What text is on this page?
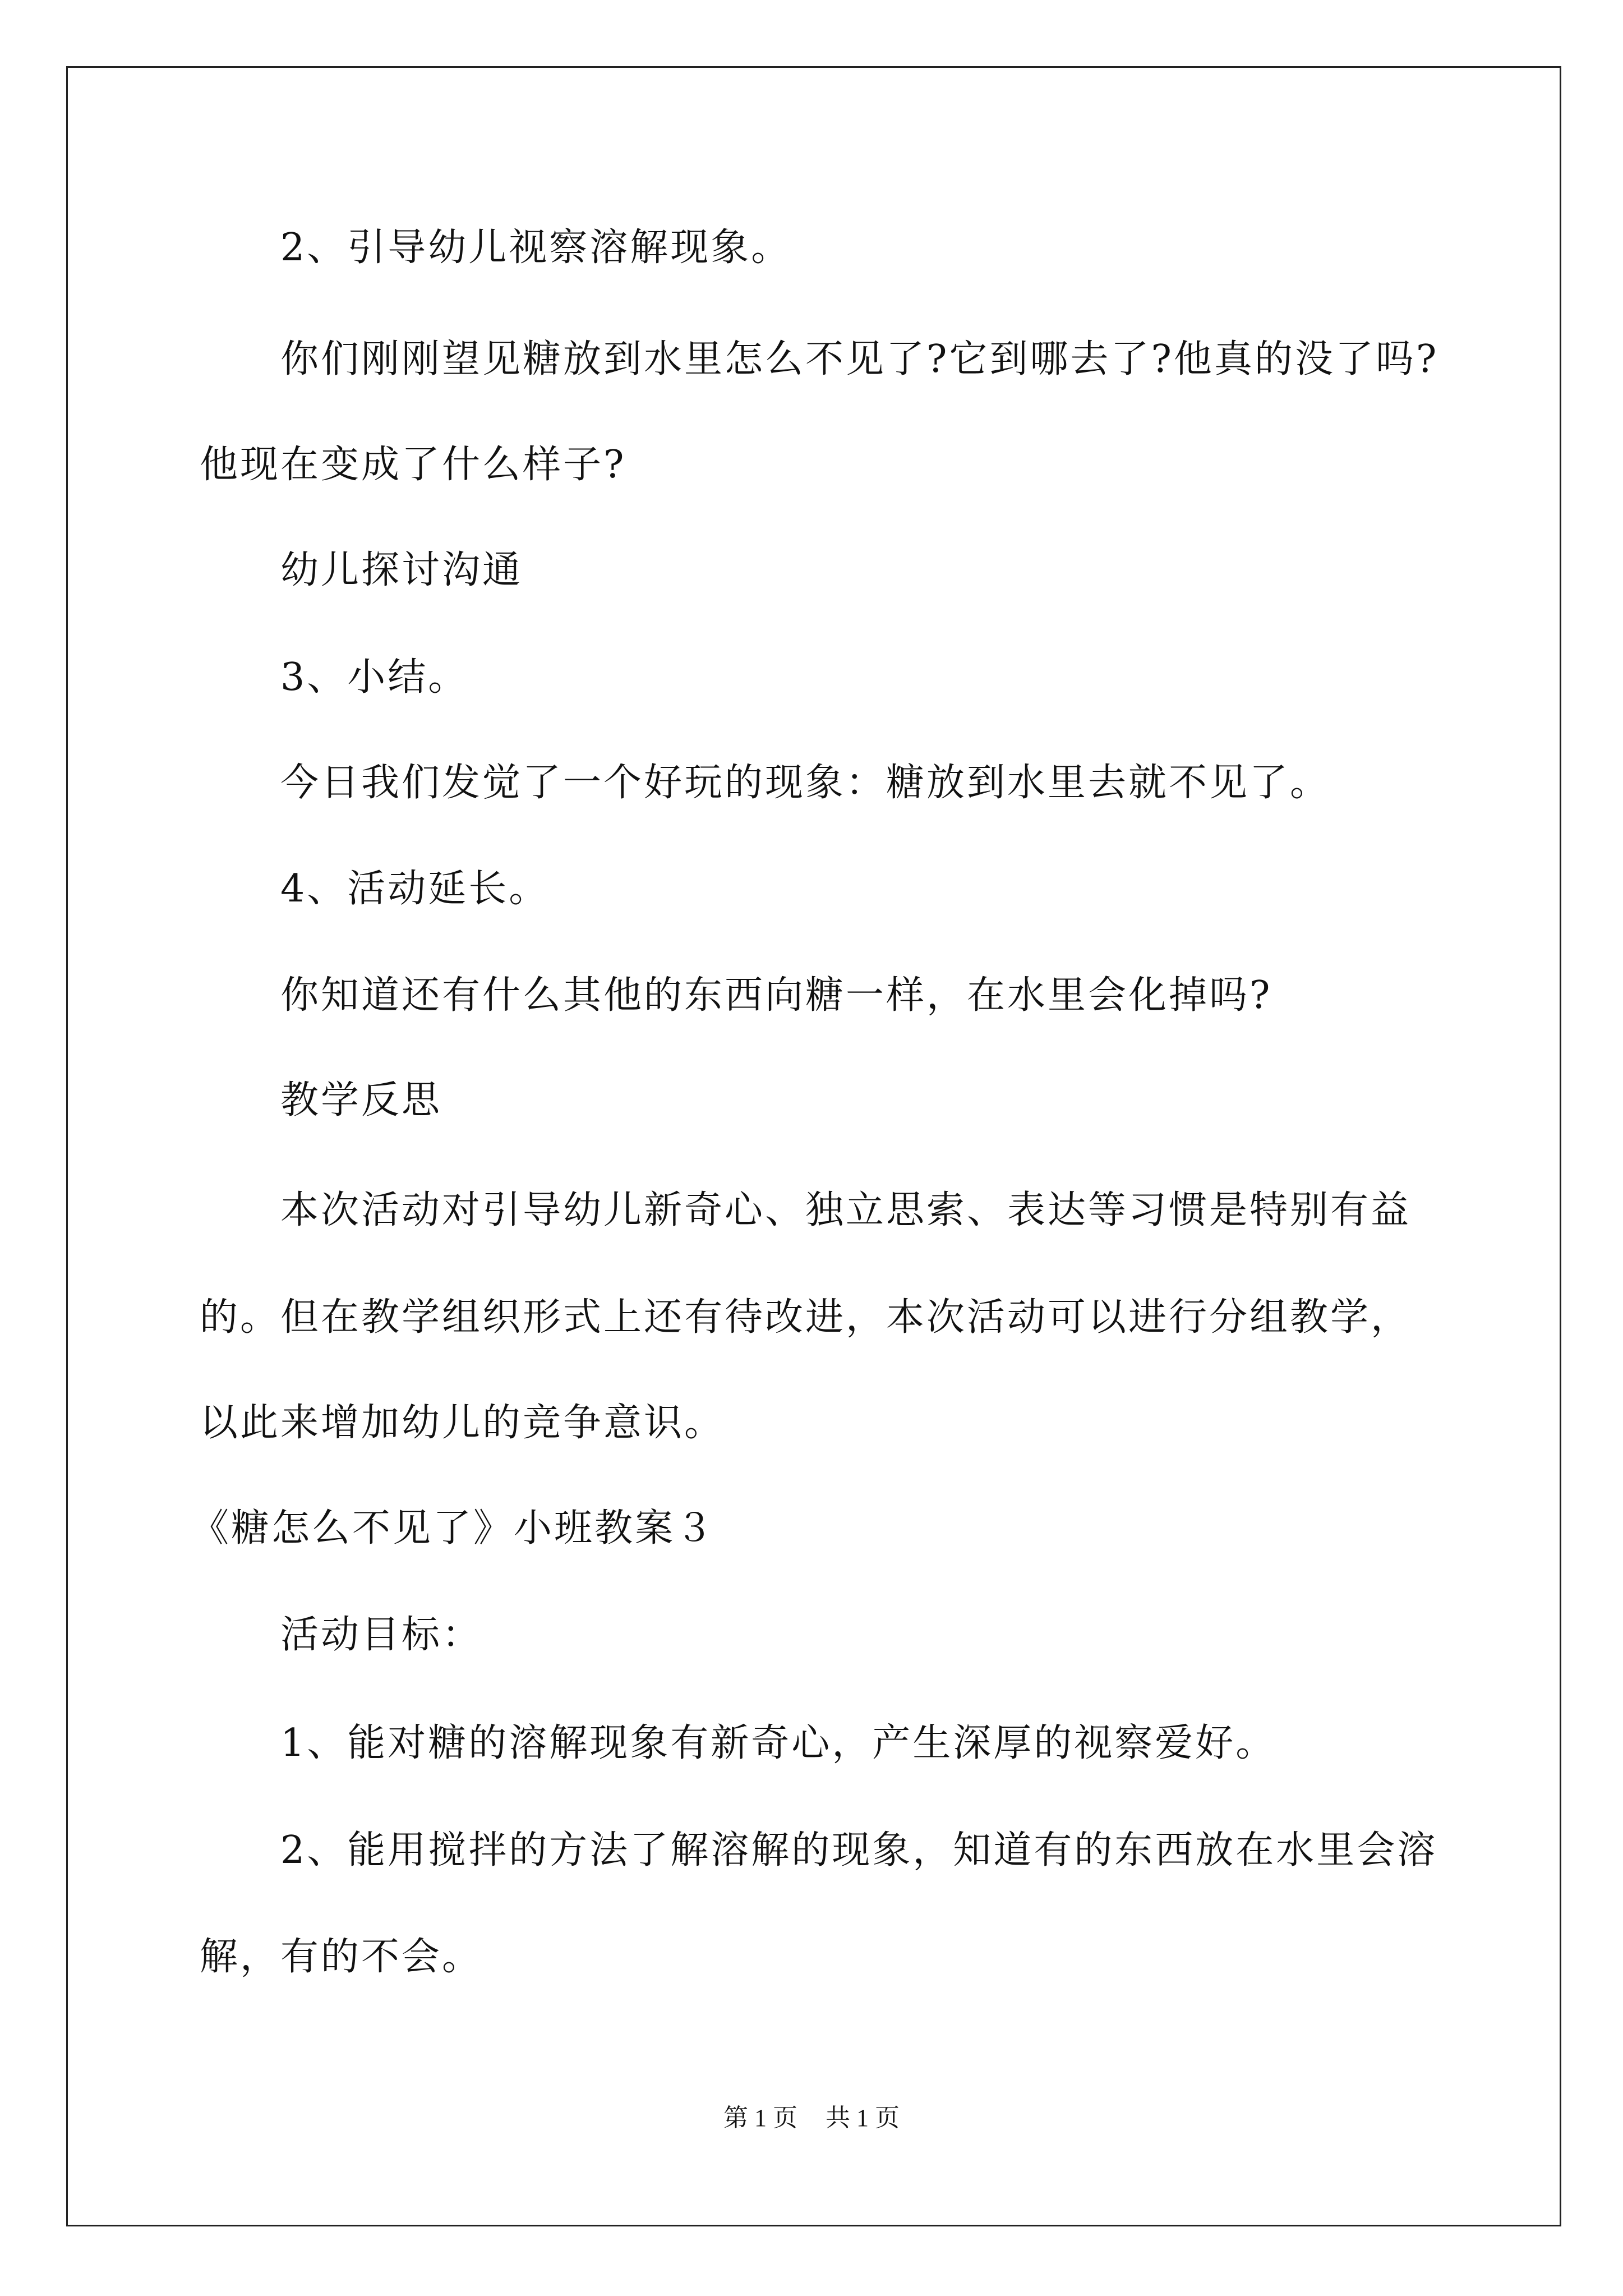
2、引导幼儿视察溶解现象。
你们刚刚望见糖放到水里怎么不见了?它到哪去了?他真的没了吗?
他现在变成了什么样子?
幼儿探讨沟通
3、小结。
今日我们发觉了一个好玩的现象：糖放到水里去就不见了。
4、活动延长。
你知道还有什么其他的东西向糖一样，在水里会化掉吗?
教学反思
本次活动对引导幼儿新奇心、独立思索、表达等习惯是特别有益
的。但在教学组织形式上还有待改进，本次活动可以进行分组教学，
以此来增加幼儿的竞争意识。
《糖怎么不见了》小班教案３
活动目标：
1、能对糖的溶解现象有新奇心，产生深厚的视察爱好。
2、能用搅拌的方法了解溶解的现象，知道有的东西放在水里会溶
解，有的不会。
第 1 页 共 1 页
